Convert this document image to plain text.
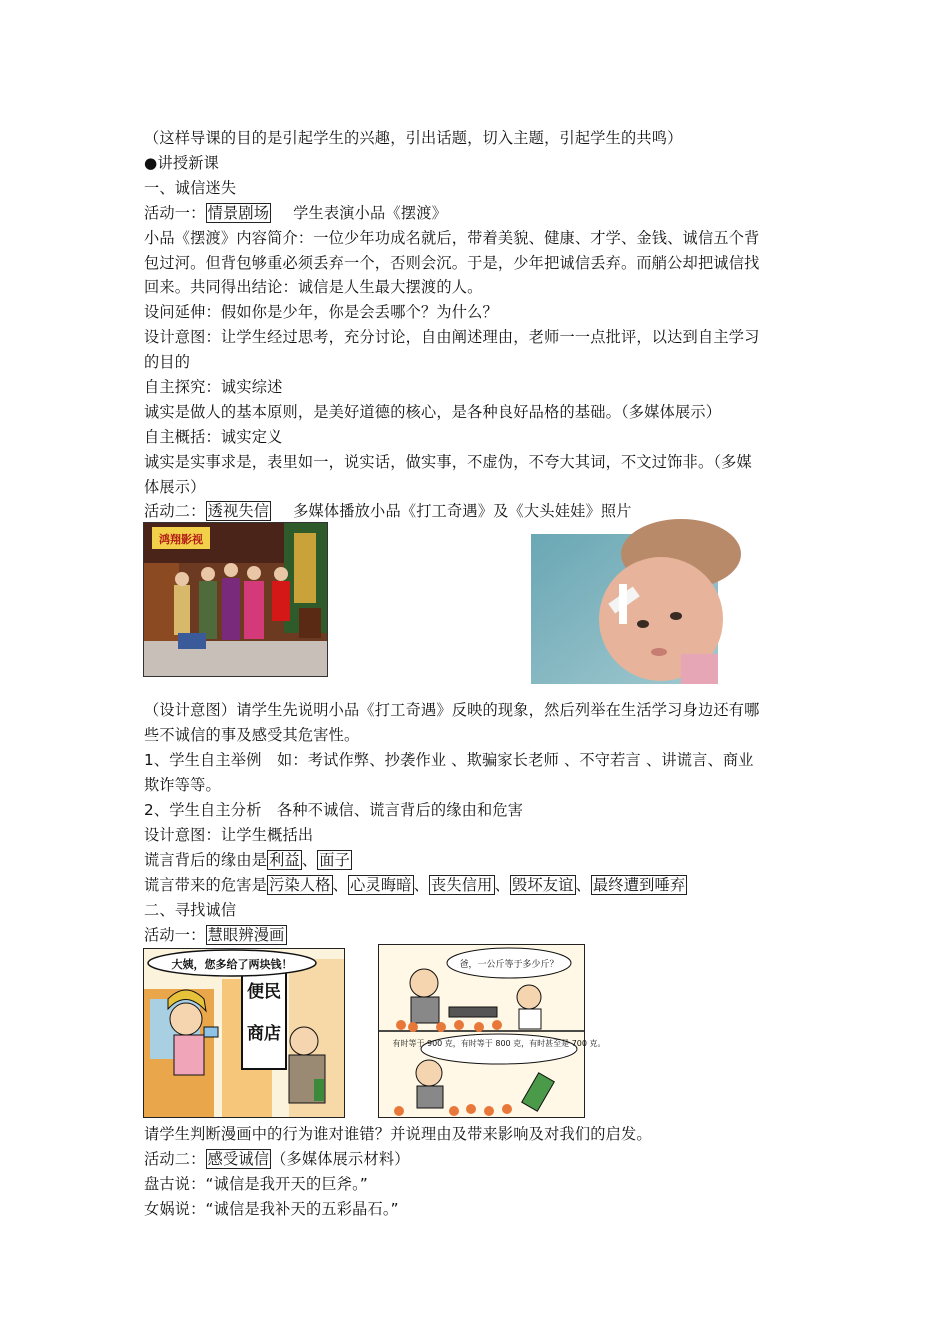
（这样导课的目的是引起学生的兴趣，引出话题，切入主题，引起学生的共鸣）
●讲授新课
一、诚信迷失
活动一： 情景剧场 学生表演小品《摆渡》
小品《摆渡》内容简介：一位少年功成名就后，带着美貌、健康、才学、金钱、诚信五个背
包过河。但背包够重必须丢弃一个，否则会沉。于是，少年把诚信丢弃。而艄公却把诚信找
回来。共同得出结论：诚信是人生最大摆渡的人。
设问延伸：假如你是少年，你是会丢哪个？为什么？
设计意图：让学生经过思考，充分讨论，自由阐述理由，老师一一点批评，以达到自主学习
的目的
自主探究：诚实综述
诚实是做人的基本原则，是美好道德的核心，是各种良好品格的基础。（多媒体展示）
自主概括：诚实定义
诚实是实事求是，表里如一，说实话，做实事，不虚伪，不夸大其词，不文过饰非。（多媒
体展示）
活动二： 透视失信 多媒体播放小品《打工奇遇》及《大头娃娃》照片
鸿翔影视
（设计意图）请学生先说明小品《打工奇遇》反映的现象，然后列举在生活学习身边还有哪
些不诚信的事及感受其危害性。
1、学生自主举例　如：考试作弊、抄袭作业 、欺骗家长老师 、不守若言 、讲谎言、商业
欺诈等等。
2、学生自主分析　各种不诚信、谎言背后的缘由和危害
设计意图：让学生概括出
谎言背后的缘由是 利益 、 面子
谎言带来的危害是 污染人格 、 心灵晦暗 、 丧失信用 、 毁坏友谊 、 最终遭到唾弃
二、寻找诚信
活动一： 慧眼辨漫画
便民
商店
大姨，您多给了两块钱！	爸，一公斤等于多少斤？
有时等于 900 克，有时等于 800 克，有时甚至是 700 克。
请学生判断漫画中的行为谁对谁错？并说理由及带来影响及对我们的启发。
活动二： 感受诚信 （多媒体展示材料）
盘古说：“诚信是我开天的巨斧。”
女娲说：“诚信是我补天的五彩晶石。”
